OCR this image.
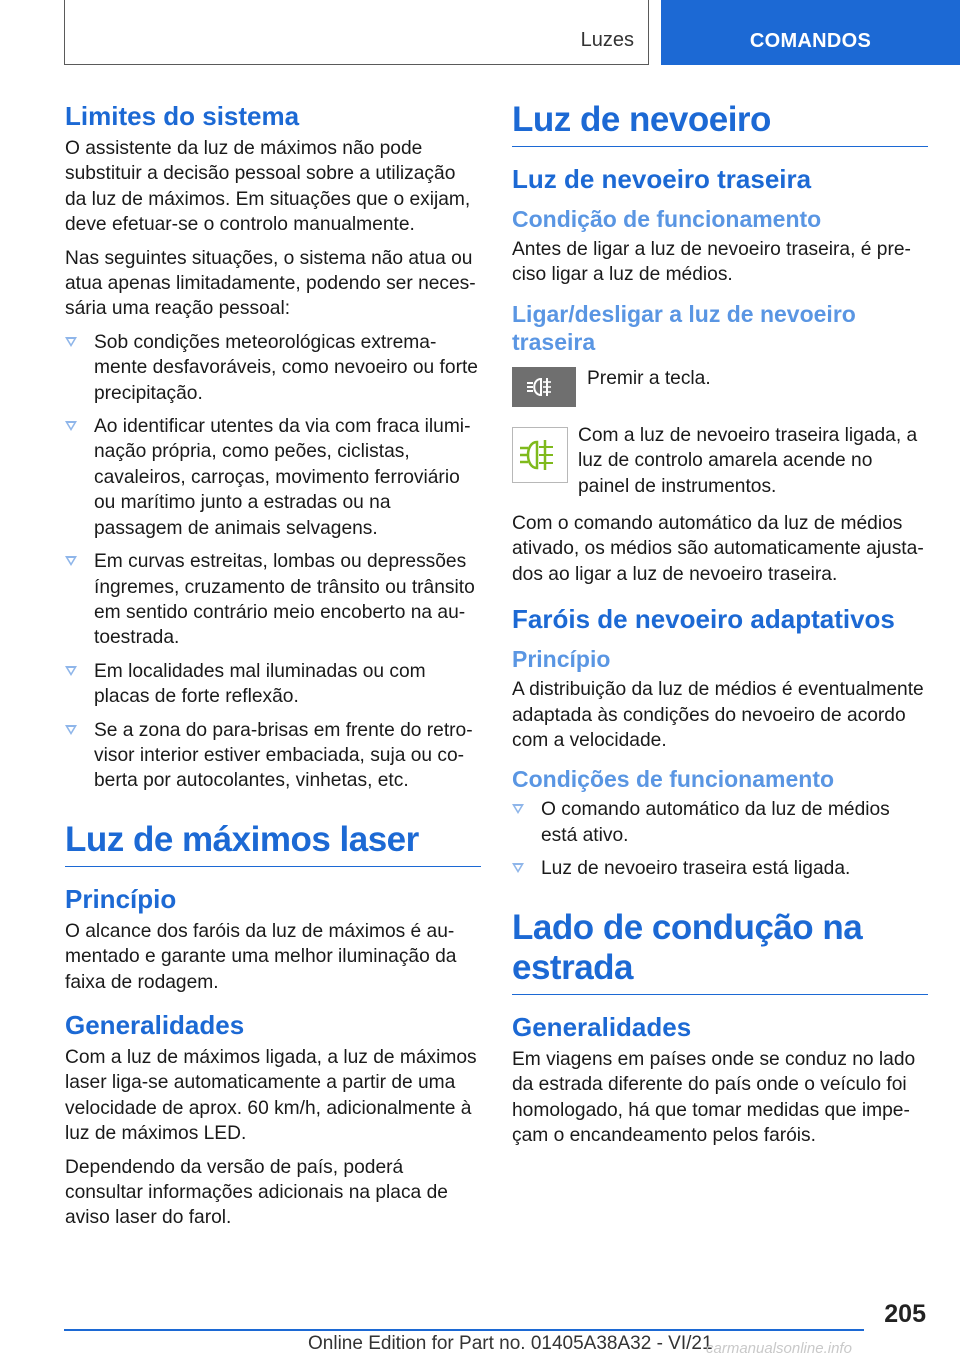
Luzes	COMANDOS
Limites do sistema

O assistente da luz de máximos não pode substituir a decisão pessoal sobre a utilização da luz de máximos. Em situações que o exijam, deve efetuar-se o controlo manualmente.

Nas seguintes situações, o sistema não atua ou atua apenas limitadamente, podendo ser necessária uma reação pessoal:

Sob condições meteorológicas extremamente desfavoráveis, como nevoeiro ou forte precipitação.
Ao identificar utentes da via com fraca iluminação própria, como peões, ciclistas, cavaleiros, carroças, movimento ferroviário ou marítimo junto a estradas ou na passagem de animais selvagens.
Em curvas estreitas, lombas ou depressões íngremes, cruzamento de trânsito ou trânsito em sentido contrário meio encoberto na autoestrada.
Em localidades mal iluminadas ou com placas de forte reflexão.
Se a zona do para-brisas em frente do retrovisor interior estiver embaciada, suja ou coberta por autocolantes, vinhetas, etc.
Luz de máximos laser
Princípio

O alcance dos faróis da luz de máximos é aumentado e garante uma melhor iluminação da faixa de rodagem.

Generalidades

Com a luz de máximos ligada, a luz de máximos laser liga-se automaticamente a partir de uma velocidade de aprox. 60 km/h, adicionalmente à luz de máximos LED.

Dependendo da versão de país, poderá consultar informações adicionais na placa de aviso laser do farol.

Luz de nevoeiro
Luz de nevoeiro traseira
Condição de funcionamento

Antes de ligar a luz de nevoeiro traseira, é preciso ligar a luz de médios.

Ligar/desligar a luz de nevoeiro traseira

Premir a tecla.

Com a luz de nevoeiro traseira ligada, a luz de controlo amarela acende no painel de instrumentos.

Com o comando automático da luz de médios ativado, os médios são automaticamente ajustados ao ligar a luz de nevoeiro traseira.

Faróis de nevoeiro adaptativos
Princípio

A distribuição da luz de médios é eventualmente adaptada às condições do nevoeiro de acordo com a velocidade.

Condições de funcionamento
O comando automático da luz de médios está ativo.
Luz de nevoeiro traseira está ligada.
Lado de condução na estrada
Generalidades

Em viagens em países onde se conduz no lado da estrada diferente do país onde o veículo foi homologado, há que tomar medidas que impeçam o encandeamento pelos faróis.

205
Online Edition for Part no. 01405A38A32 - VI/21
carmanualsonline.info
